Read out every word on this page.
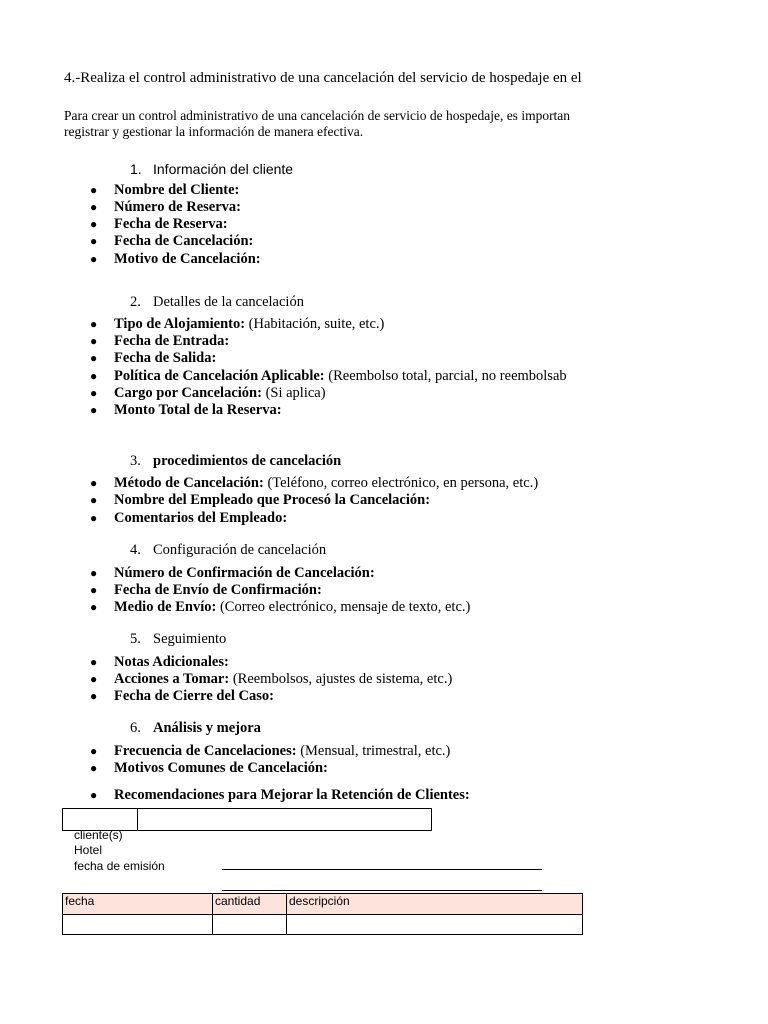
4.-Realiza el control administrativo de una cancelación del servicio de hospedaje en el
Para crear un control administrativo de una cancelación de servicio de hospedaje, es importan
registrar y gestionar la información de manera efectiva.
1. Información del cliente
● Nombre del Cliente:
● Número de Reserva:
● Fecha de Reserva:
● Fecha de Cancelación:
● Motivo de Cancelación:
2. Detalles de la cancelación
● Tipo de Alojamiento: (Habitación, suite, etc.)
● Fecha de Entrada:
● Fecha de Salida:
● Política de Cancelación Aplicable: (Reembolso total, parcial, no reembolsab
● Cargo por Cancelación: (Si aplica)
● Monto Total de la Reserva:
3. procedimientos de cancelación
● Método de Cancelación: (Teléfono, correo electrónico, en persona, etc.)
● Nombre del Empleado que Procesó la Cancelación:
● Comentarios del Empleado:
4. Configuración de cancelación
● Número de Confirmación de Cancelación:
● Fecha de Envío de Confirmación:
● Medio de Envío: (Correo electrónico, mensaje de texto, etc.)
5. Seguimiento
● Notas Adicionales:
● Acciones a Tomar: (Reembolsos, ajustes de sistema, etc.)
● Fecha de Cierre del Caso:
6. Análisis y mejora
● Frecuencia de Cancelaciones: (Mensual, trimestral, etc.)
● Motivos Comunes de Cancelación:
● Recomendaciones para Mejorar la Retención de Clientes:
cliente(s)
Hotel
fecha de emisión
fecha	cantidad	descripción
